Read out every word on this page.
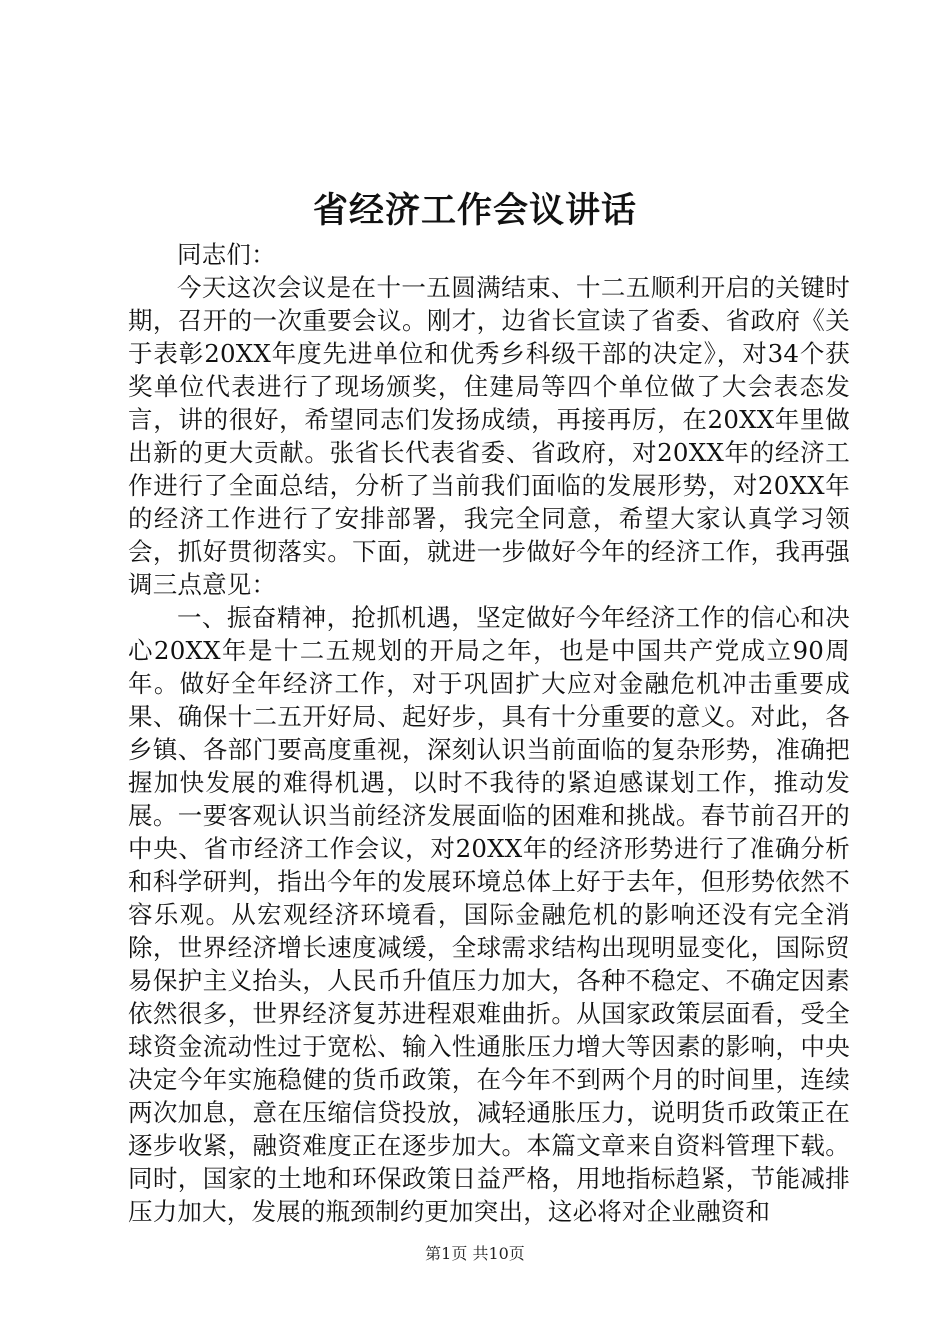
省经济工作会议讲话

同志们：

今天这次会议是在十一五圆满结束、十二五顺利开启的关键时期，召开的一次重要会议。刚才，边省长宣读了省委、省政府《关于表彰20XX年度先进单位和优秀乡科级干部的决定》，对34个获奖单位代表进行了现场颁奖，住建局等四个单位做了大会表态发言，讲的很好，希望同志们发扬成绩，再接再厉，在20XX年里做出新的更大贡献。张省长代表省委、省政府，对20XX年的经济工作进行了全面总结，分析了当前我们面临的发展形势，对20XX年的经济工作进行了安排部署，我完全同意，希望大家认真学习领会，抓好贯彻落实。下面，就进一步做好今年的经济工作，我再强调三点意见：

一、振奋精神，抢抓机遇，坚定做好今年经济工作的信心和决心20XX年是十二五规划的开局之年，也是中国共产党成立90周年。做好全年经济工作，对于巩固扩大应对金融危机冲击重要成果、确保十二五开好局、起好步，具有十分重要的意义。对此，各乡镇、各部门要高度重视，深刻认识当前面临的复杂形势，准确把握加快发展的难得机遇，以时不我待的紧迫感谋划工作，推动发展。一要客观认识当前经济发展面临的困难和挑战。春节前召开的中央、省市经济工作会议，对20XX年的经济形势进行了准确分析和科学研判，指出今年的发展环境总体上好于去年，但形势依然不容乐观。从宏观经济环境看，国际金融危机的影响还没有完全消除，世界经济增长速度减缓，全球需求结构出现明显变化，国际贸易保护主义抬头，人民币升值压力加大，各种不稳定、不确定因素依然很多，世界经济复苏进程艰难曲折。从国家政策层面看，受全球资金流动性过于宽松、输入性通胀压力增大等因素的影响，中央决定今年实施稳健的货币政策，在今年不到两个月的时间里，连续两次加息，意在压缩信贷投放，减轻通胀压力，说明货币政策正在逐步收紧，融资难度正在逐步加大。本篇文章来自资料管理下载。同时，国家的土地和环保政策日益严格，用地指标趋紧，节能减排压力加大，发展的瓶颈制约更加突出，这必将对企业融资和

第1页 共10页
